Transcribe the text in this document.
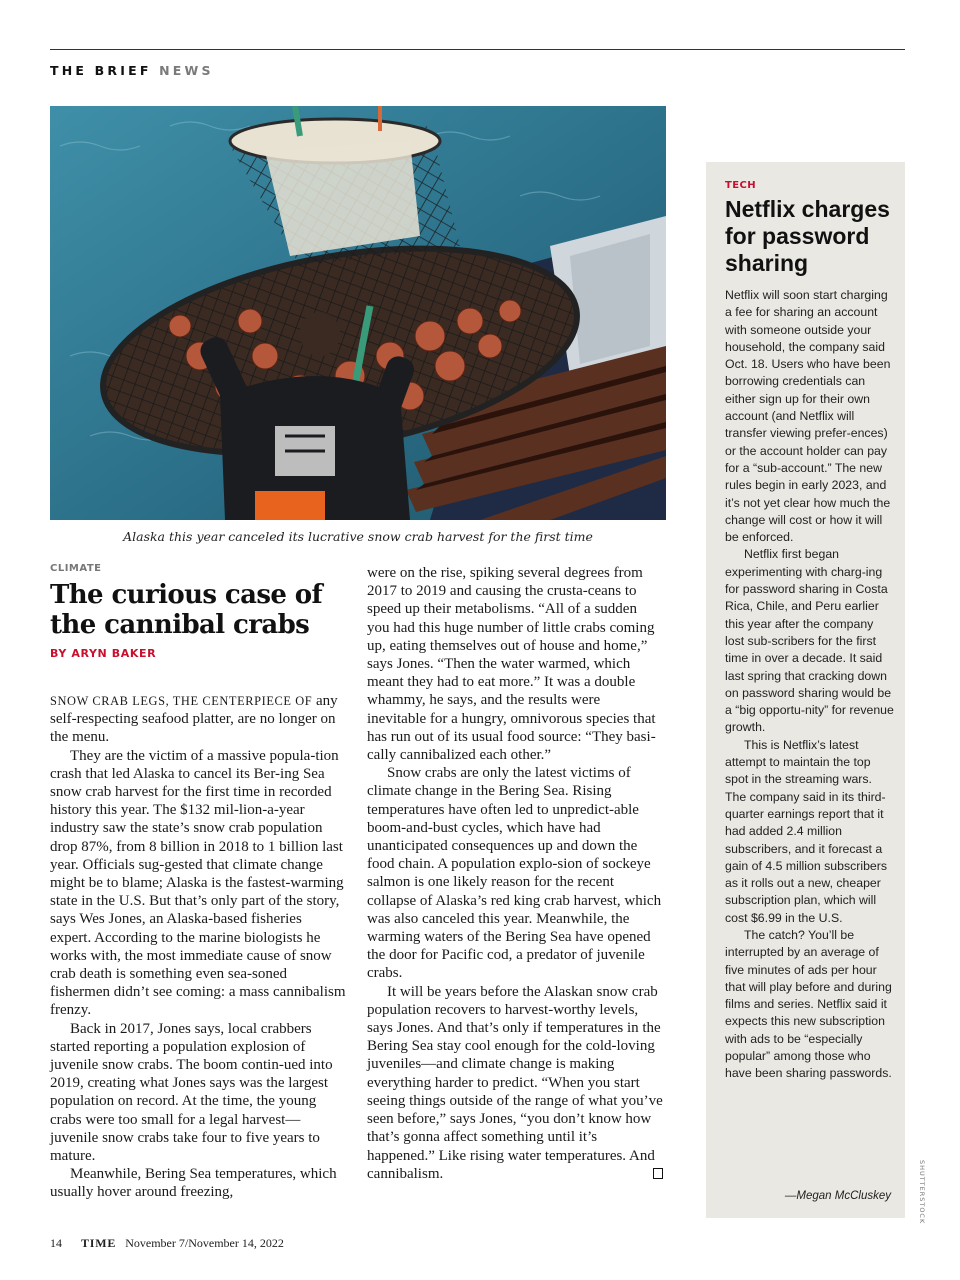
THE BRIEF NEWS
Alaska this year canceled its lucrative snow crab harvest for the first time
CLIMATE
The curious case of the cannibal crabs
BY ARYN BAKER

SNOW CRAB LEGS, THE CENTERPIECE OF any self-respecting seafood platter, are no longer on the menu.

They are the victim of a massive popula-tion crash that led Alaska to cancel its Ber-ing Sea snow crab harvest for the first time in recorded history this year. The $132 mil-lion-a-year industry saw the state’s snow crab population drop 87%, from 8 billion in 2018 to 1 billion last year. Officials sug-gested that climate change might be to blame; Alaska is the fastest-warming state in the U.S. But that’s only part of the story, says Wes Jones, an Alaska-based fisheries expert. According to the marine biologists he works with, the most immediate cause of snow crab death is something even sea-soned fishermen didn’t see coming: a mass cannibalism frenzy.

Back in 2017, Jones says, local crabbers started reporting a population explosion of juvenile snow crabs. The boom contin-ued into 2019, creating what Jones says was the largest population on record. At the time, the young crabs were too small for a legal harvest—juvenile snow crabs take four to five years to mature.

Meanwhile, Bering Sea temperatures, which usually hover around freezing,

were on the rise, spiking several degrees from 2017 to 2019 and causing the crusta-ceans to speed up their metabolisms. “All of a sudden you had this huge number of little crabs coming up, eating themselves out of house and home,” says Jones. “Then the water warmed, which meant they had to eat more.” It was a double whammy, he says, and the results were inevitable for a hungry, omnivorous species that has run out of its usual food source: “They basi-cally cannibalized each other.”

Snow crabs are only the latest victims of climate change in the Bering Sea. Rising temperatures have often led to unpredict-able boom-and-bust cycles, which have had unanticipated consequences up and down the food chain. A population explo-sion of sockeye salmon is one likely reason for the recent collapse of Alaska’s red king crab harvest, which was also canceled this year. Meanwhile, the warming waters of the Bering Sea have opened the door for Pacific cod, a predator of juvenile crabs.

It will be years before the Alaskan snow crab population recovers to harvest-worthy levels, says Jones. And that’s only if temperatures in the Bering Sea stay cool enough for the cold-loving juveniles—and climate change is making everything harder to predict. “When you start seeing things outside of the range of what you’ve seen before,” says Jones, “you don’t know how that’s gonna affect something until it’s happened.” Like rising water temperatures. And cannibalism.

TECH
Netflix charges for password sharing

Netflix will soon start charging a fee for sharing an account with someone outside your household, the company said Oct. 18. Users who have been borrowing credentials can either sign up for their own account (and Netflix will transfer viewing prefer-ences) or the account holder can pay for a “sub-account.” The new rules begin in early 2023, and it’s not yet clear how much the change will cost or how it will be enforced.

Netflix first began experimenting with charg-ing for password sharing in Costa Rica, Chile, and Peru earlier this year after the company lost sub-scribers for the first time in over a decade. It said last spring that cracking down on password sharing would be a “big opportu-nity” for revenue growth.

This is Netflix’s latest attempt to maintain the top spot in the streaming wars. The company said in its third-quarter earnings report that it had added 2.4 million subscribers, and it forecast a gain of 4.5 million subscribers as it rolls out a new, cheaper subscription plan, which will cost $6.99 in the U.S.

The catch? You’ll be interrupted by an average of five minutes of ads per hour that will play before and during films and series. Netflix said it expects this new subscription with ads to be “especially popular” among those who have been sharing passwords.

—Megan McCluskey	SHUTTERSTOCK
14 TIME November 7/November 14, 2022
